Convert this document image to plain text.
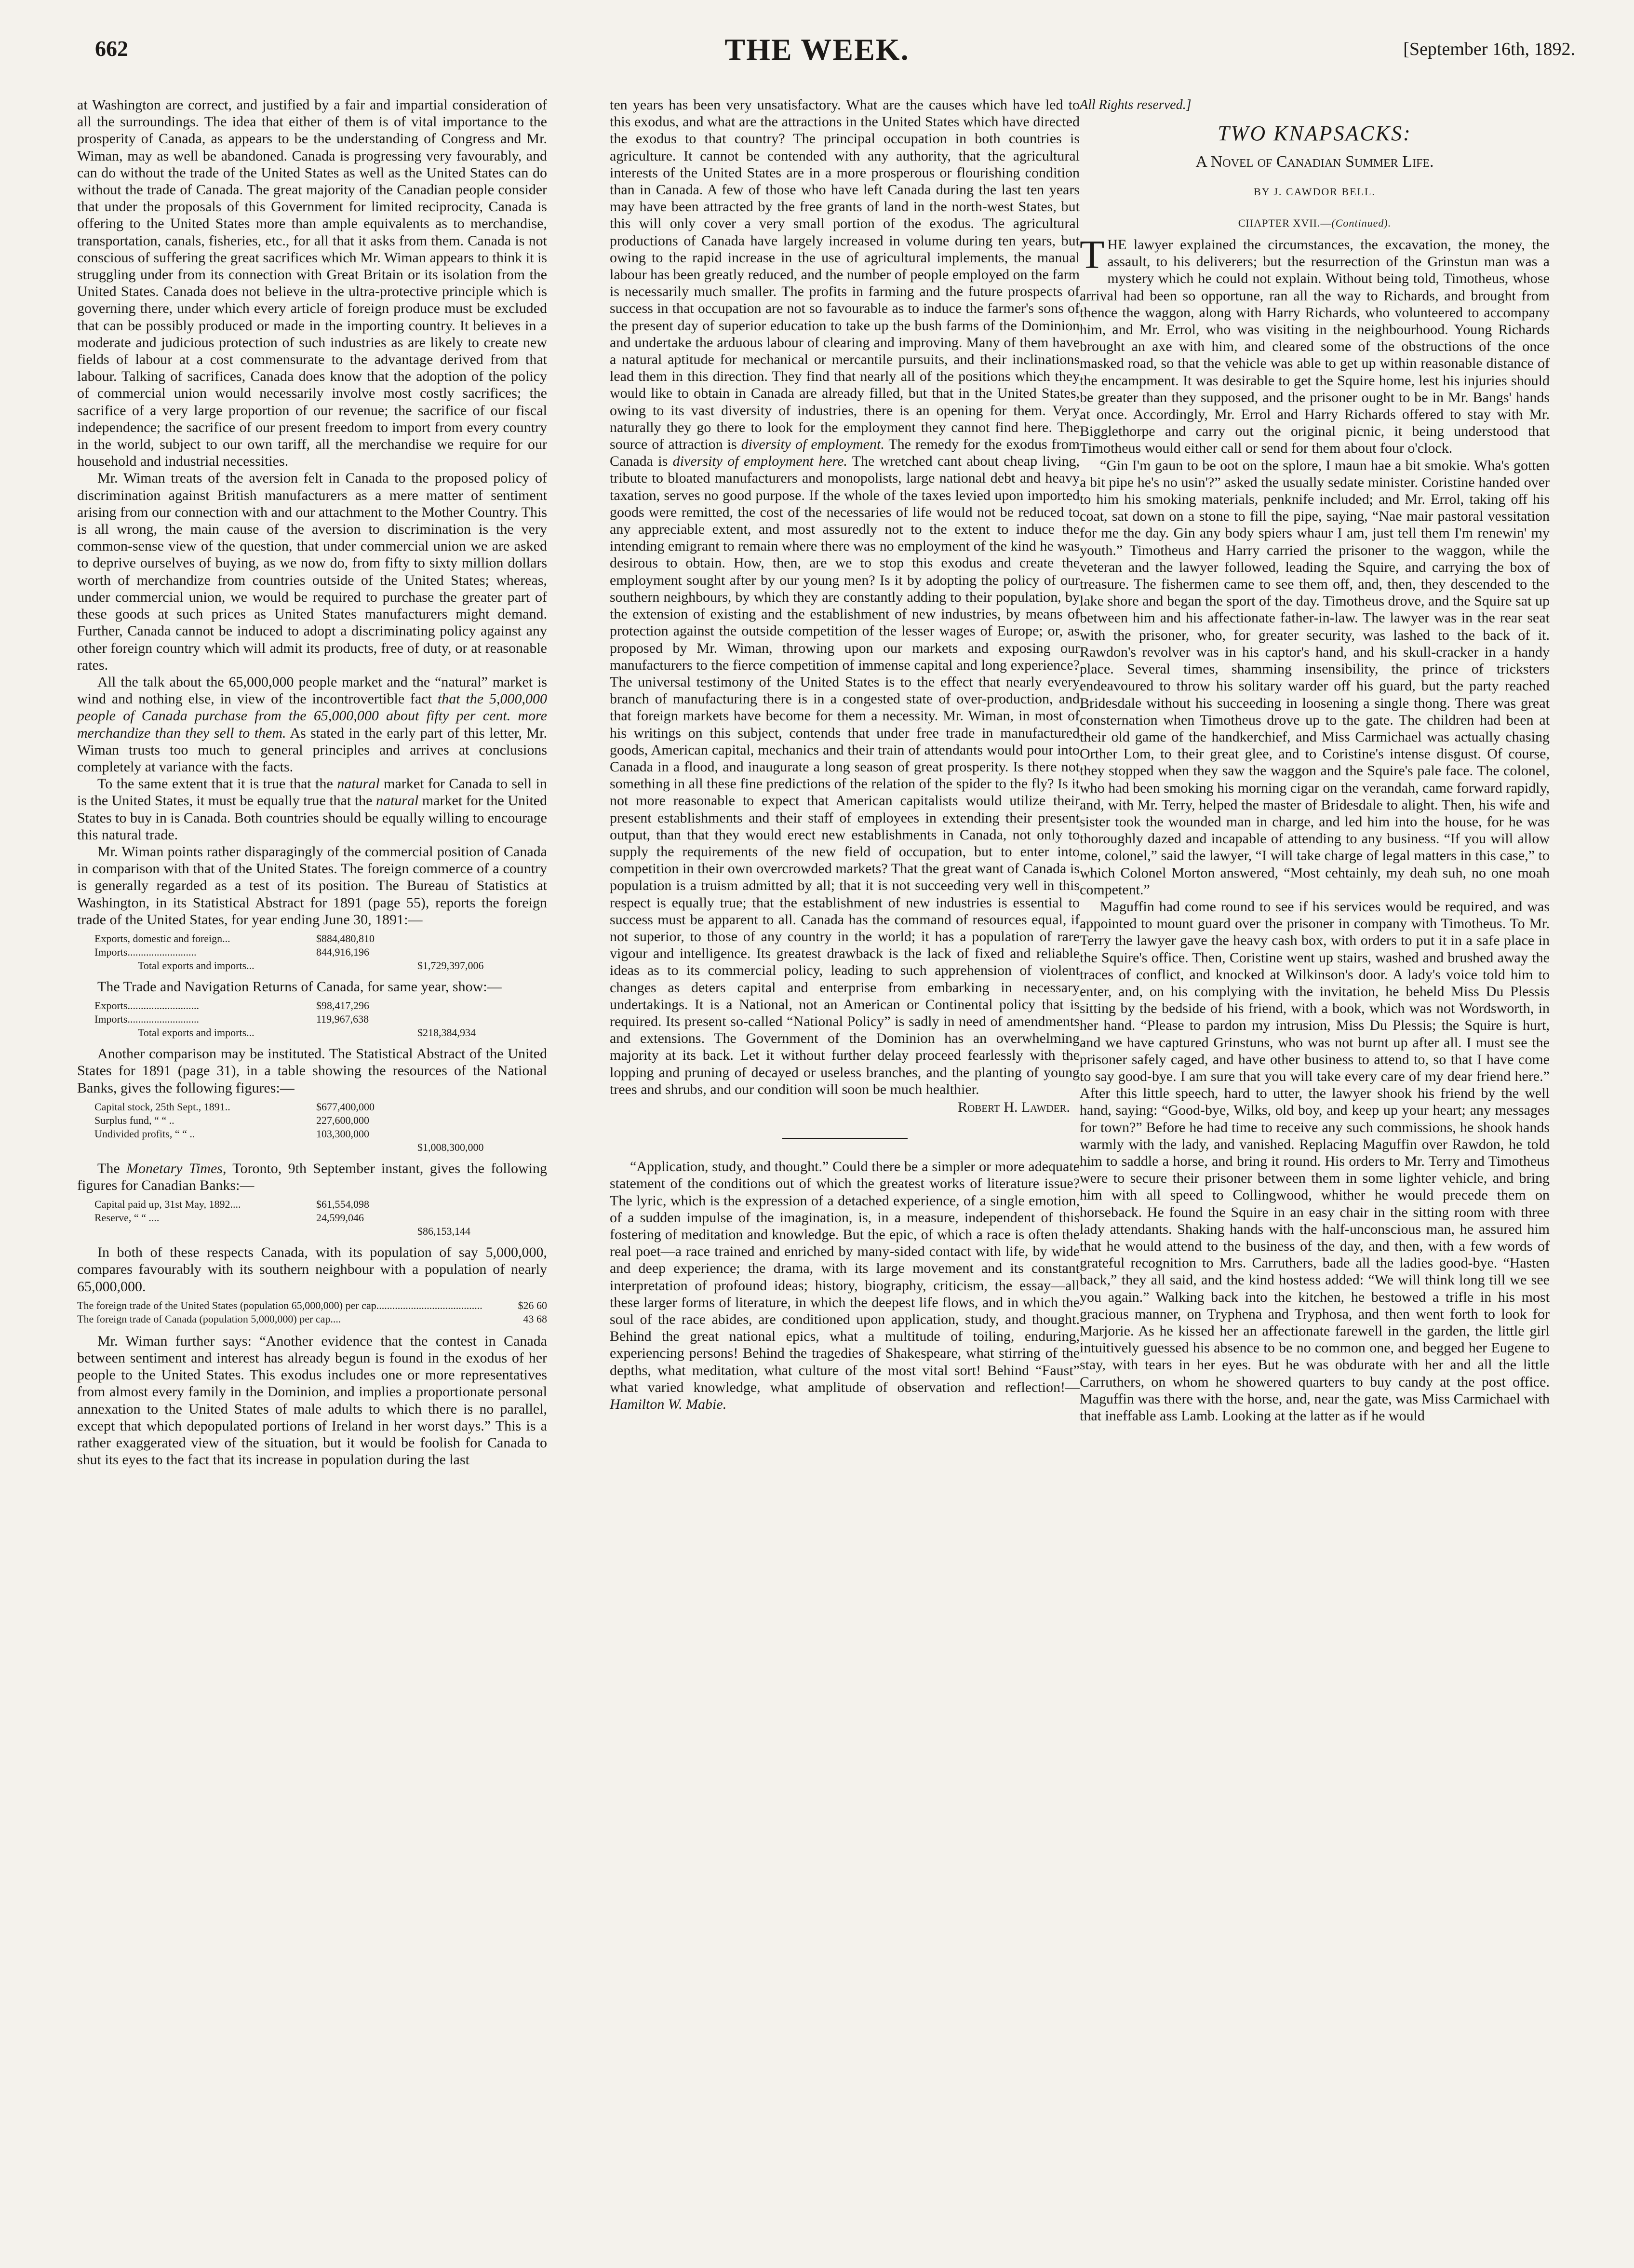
662	THE WEEK.	[September 16th, 1892.

at Washington are correct, and justified by a fair and impartial consideration of all the surroundings. The idea that either of them is of vital importance to the prosperity of Canada, as appears to be the understanding of Congress and Mr. Wiman, may as well be abandoned. Canada is progressing very favourably, and can do without the trade of the United States as well as the United States can do without the trade of Canada. The great majority of the Canadian people consider that under the proposals of this Government for limited reciprocity, Canada is offering to the United States more than ample equivalents as to merchandise, transportation, canals, fisheries, etc., for all that it asks from them. Canada is not conscious of suffering the great sacrifices which Mr. Wiman appears to think it is struggling under from its connection with Great Britain or its isolation from the United States. Canada does not believe in the ultra-protective principle which is governing there, under which every article of foreign produce must be excluded that can be possibly produced or made in the importing country. It believes in a moderate and judicious protection of such industries as are likely to create new fields of labour at a cost commensurate to the advantage derived from that labour. Talking of sacrifices, Canada does know that the adoption of the policy of commercial union would necessarily involve most costly sacrifices; the sacrifice of a very large proportion of our revenue; the sacrifice of our fiscal independence; the sacrifice of our present freedom to import from every country in the world, subject to our own tariff, all the merchandise we require for our household and industrial necessities.

Mr. Wiman treats of the aversion felt in Canada to the proposed policy of discrimination against British manufacturers as a mere matter of sentiment arising from our connection with and our attachment to the Mother Country. This is all wrong, the main cause of the aversion to discrimination is the very common-sense view of the question, that under commercial union we are asked to deprive ourselves of buying, as we now do, from fifty to sixty million dollars worth of merchandize from countries outside of the United States; whereas, under commercial union, we would be required to purchase the greater part of these goods at such prices as United States manufacturers might demand. Further, Canada cannot be induced to adopt a discriminating policy against any other foreign country which will admit its products, free of duty, or at reasonable rates.

All the talk about the 65,000,000 people market and the “natural” market is wind and nothing else, in view of the incontrovertible fact that the 5,000,000 people of Canada purchase from the 65,000,000 about fifty per cent. more merchandize than they sell to them. As stated in the early part of this letter, Mr. Wiman trusts too much to general principles and arrives at conclusions completely at variance with the facts.

To the same extent that it is true that the natural market for Canada to sell in is the United States, it must be equally true that the natural market for the United States to buy in is Canada. Both countries should be equally willing to encourage this natural trade.

Mr. Wiman points rather disparagingly of the commercial position of Canada in comparison with that of the United States. The foreign commerce of a country is generally regarded as a test of its position. The Bureau of Statistics at Washington, in its Statistical Abstract for 1891 (page 55), reports the foreign trade of the United States, for year ending June 30, 1891:—

Exports, domestic and foreign...	$884,480,810
Imports..........................	844,916,196
Total exports and imports...	$1,729,397,006

The Trade and Navigation Returns of Canada, for same year, show:—

Exports...........................	$98,417,296
Imports...........................	119,967,638
Total exports and imports...	$218,384,934

Another comparison may be instituted. The Statistical Abstract of the United States for 1891 (page 31), in a table showing the resources of the National Banks, gives the following figures:—

Capital stock, 25th Sept., 1891..	$677,400,000
Surplus fund, “ “ ..	227,600,000
Undivided profits, “ “ ..	103,300,000
$1,008,300,000

The Monetary Times, Toronto, 9th September instant, gives the following figures for Canadian Banks:—

Capital paid up, 31st May, 1892....	$61,554,098
Reserve, “ “ ....	24,599,046
$86,153,144

In both of these respects Canada, with its population of say 5,000,000, compares favourably with its southern neighbour with a population of nearly 65,000,000.

The foreign trade of the United States (population 65,000,000) per cap........................................	$26 60
The foreign trade of Canada (population 5,000,000) per cap....	43 68

Mr. Wiman further says: “Another evidence that the contest in Canada between sentiment and interest has already begun is found in the exodus of her people to the United States. This exodus includes one or more representatives from almost every family in the Dominion, and implies a proportionate personal annexation to the United States of male adults to which there is no parallel, except that which depopulated portions of Ireland in her worst days.” This is a rather exaggerated view of the situation, but it would be foolish for Canada to shut its eyes to the fact that its increase in population during the last

ten years has been very unsatisfactory. What are the causes which have led to this exodus, and what are the attractions in the United States which have directed the exodus to that country? The principal occupation in both countries is agriculture. It cannot be contended with any authority, that the agricultural interests of the United States are in a more prosperous or flourishing condition than in Canada. A few of those who have left Canada during the last ten years may have been attracted by the free grants of land in the north-west States, but this will only cover a very small portion of the exodus. The agricultural productions of Canada have largely increased in volume during ten years, but owing to the rapid increase in the use of agricultural implements, the manual labour has been greatly reduced, and the number of people employed on the farm is necessarily much smaller. The profits in farming and the future prospects of success in that occupation are not so favourable as to induce the farmer's sons of the present day of superior education to take up the bush farms of the Dominion and undertake the arduous labour of clearing and improving. Many of them have a natural aptitude for mechanical or mercantile pursuits, and their inclinations lead them in this direction. They find that nearly all of the positions which they would like to obtain in Canada are already filled, but that in the United States, owing to its vast diversity of industries, there is an opening for them. Very naturally they go there to look for the employment they cannot find here. The source of attraction is diversity of employment. The remedy for the exodus from Canada is diversity of employment here. The wretched cant about cheap living, tribute to bloated manufacturers and monopolists, large national debt and heavy taxation, serves no good purpose. If the whole of the taxes levied upon imported goods were remitted, the cost of the necessaries of life would not be reduced to any appreciable extent, and most assuredly not to the extent to induce the intending emigrant to remain where there was no employment of the kind he was desirous to obtain. How, then, are we to stop this exodus and create the employment sought after by our young men? Is it by adopting the policy of our southern neighbours, by which they are constantly adding to their population, by the extension of existing and the establishment of new industries, by means of protection against the outside competition of the lesser wages of Europe; or, as proposed by Mr. Wiman, throwing upon our markets and exposing our manufacturers to the fierce competition of immense capital and long experience? The universal testimony of the United States is to the effect that nearly every branch of manufacturing there is in a congested state of over-production, and that foreign markets have become for them a necessity. Mr. Wiman, in most of his writings on this subject, contends that under free trade in manufactured goods, American capital, mechanics and their train of attendants would pour into Canada in a flood, and inaugurate a long season of great prosperity. Is there not something in all these fine predictions of the relation of the spider to the fly? Is it not more reasonable to expect that American capitalists would utilize their present establishments and their staff of employees in extending their present output, than that they would erect new establishments in Canada, not only to supply the requirements of the new field of occupation, but to enter into competition in their own overcrowded markets? That the great want of Canada is population is a truism admitted by all; that it is not succeeding very well in this respect is equally true; that the establishment of new industries is essential to success must be apparent to all. Canada has the command of resources equal, if not superior, to those of any country in the world; it has a population of rare vigour and intelligence. Its greatest drawback is the lack of fixed and reliable ideas as to its commercial policy, leading to such apprehension of violent changes as deters capital and enterprise from embarking in necessary undertakings. It is a National, not an American or Continental policy that is required. Its present so-called “National Policy” is sadly in need of amendments and extensions. The Government of the Dominion has an overwhelming majority at its back. Let it without further delay proceed fearlessly with the lopping and pruning of decayed or useless branches, and the planting of young trees and shrubs, and our condition will soon be much healthier.

Robert H. Lawder.

“Application, study, and thought.” Could there be a simpler or more adequate statement of the conditions out of which the greatest works of literature issue? The lyric, which is the expression of a detached experience, of a single emotion, of a sudden impulse of the imagination, is, in a measure, independent of this fostering of meditation and knowledge. But the epic, of which a race is often the real poet—a race trained and enriched by many-sided contact with life, by wide and deep experience; the drama, with its large movement and its constant interpretation of profound ideas; history, biography, criticism, the essay—all these larger forms of literature, in which the deepest life flows, and in which the soul of the race abides, are conditioned upon application, study, and thought. Behind the great national epics, what a multitude of toiling, enduring, experiencing persons! Behind the tragedies of Shakespeare, what stirring of the depths, what meditation, what culture of the most vital sort! Behind “Faust” what varied knowledge, what amplitude of observation and reflection!—Hamilton W. Mabie.

All Rights reserved.]
TWO KNAPSACKS:
A Novel of Canadian Summer Life.
BY J. CAWDOR BELL.
CHAPTER XVII.—(Continued).

THE lawyer explained the circumstances, the excavation, the money, the assault, to his deliverers; but the resurrection of the Grinstun man was a mystery which he could not explain. Without being told, Timotheus, whose arrival had been so opportune, ran all the way to Richards, and brought from thence the waggon, along with Harry Richards, who volunteered to accompany him, and Mr. Errol, who was visiting in the neighbourhood. Young Richards brought an axe with him, and cleared some of the obstructions of the once masked road, so that the vehicle was able to get up within reasonable distance of the encampment. It was desirable to get the Squire home, lest his injuries should be greater than they supposed, and the prisoner ought to be in Mr. Bangs' hands at once. Accordingly, Mr. Errol and Harry Richards offered to stay with Mr. Bigglethorpe and carry out the original picnic, it being understood that Timotheus would either call or send for them about four o'clock.

“Gin I'm gaun to be oot on the splore, I maun hae a bit smokie. Wha's gotten a bit pipe he's no usin'?” asked the usually sedate minister. Coristine handed over to him his smoking materials, penknife included; and Mr. Errol, taking off his coat, sat down on a stone to fill the pipe, saying, “Nae mair pastoral vessitation for me the day. Gin any body spiers whaur I am, just tell them I'm renewin' my youth.” Timotheus and Harry carried the prisoner to the waggon, while the veteran and the lawyer followed, leading the Squire, and carrying the box of treasure. The fishermen came to see them off, and, then, they descended to the lake shore and began the sport of the day. Timotheus drove, and the Squire sat up between him and his affectionate father-in-law. The lawyer was in the rear seat with the prisoner, who, for greater security, was lashed to the back of it. Rawdon's revolver was in his captor's hand, and his skull-cracker in a handy place. Several times, shamming insensibility, the prince of tricksters endeavoured to throw his solitary warder off his guard, but the party reached Bridesdale without his succeeding in loosening a single thong. There was great consternation when Timotheus drove up to the gate. The children had been at their old game of the handkerchief, and Miss Carmichael was actually chasing Orther Lom, to their great glee, and to Coristine's intense disgust. Of course, they stopped when they saw the waggon and the Squire's pale face. The colonel, who had been smoking his morning cigar on the verandah, came forward rapidly, and, with Mr. Terry, helped the master of Bridesdale to alight. Then, his wife and sister took the wounded man in charge, and led him into the house, for he was thoroughly dazed and incapable of attending to any business. “If you will allow me, colonel,” said the lawyer, “I will take charge of legal matters in this case,” to which Colonel Morton answered, “Most cehtainly, my deah suh, no one moah competent.”

Maguffin had come round to see if his services would be required, and was appointed to mount guard over the prisoner in company with Timotheus. To Mr. Terry the lawyer gave the heavy cash box, with orders to put it in a safe place in the Squire's office. Then, Coristine went up stairs, washed and brushed away the traces of conflict, and knocked at Wilkinson's door. A lady's voice told him to enter, and, on his complying with the invitation, he beheld Miss Du Plessis sitting by the bedside of his friend, with a book, which was not Wordsworth, in her hand. “Please to pardon my intrusion, Miss Du Plessis; the Squire is hurt, and we have captured Grinstuns, who was not burnt up after all. I must see the prisoner safely caged, and have other business to attend to, so that I have come to say good-bye. I am sure that you will take every care of my dear friend here.” After this little speech, hard to utter, the lawyer shook his friend by the well hand, saying: “Good-bye, Wilks, old boy, and keep up your heart; any messages for town?” Before he had time to receive any such commissions, he shook hands warmly with the lady, and vanished. Replacing Maguffin over Rawdon, he told him to saddle a horse, and bring it round. His orders to Mr. Terry and Timotheus were to secure their prisoner between them in some lighter vehicle, and bring him with all speed to Collingwood, whither he would precede them on horseback. He found the Squire in an easy chair in the sitting room with three lady attendants. Shaking hands with the half-unconscious man, he assured him that he would attend to the business of the day, and then, with a few words of grateful recognition to Mrs. Carruthers, bade all the ladies good-bye. “Hasten back,” they all said, and the kind hostess added: “We will think long till we see you again.” Walking back into the kitchen, he bestowed a trifle in his most gracious manner, on Tryphena and Tryphosa, and then went forth to look for Marjorie. As he kissed her an affectionate farewell in the garden, the little girl intuitively guessed his absence to be no common one, and begged her Eugene to stay, with tears in her eyes. But he was obdurate with her and all the little Carruthers, on whom he showered quarters to buy candy at the post office. Maguffin was there with the horse, and, near the gate, was Miss Carmichael with that ineffable ass Lamb. Looking at the latter as if he would
